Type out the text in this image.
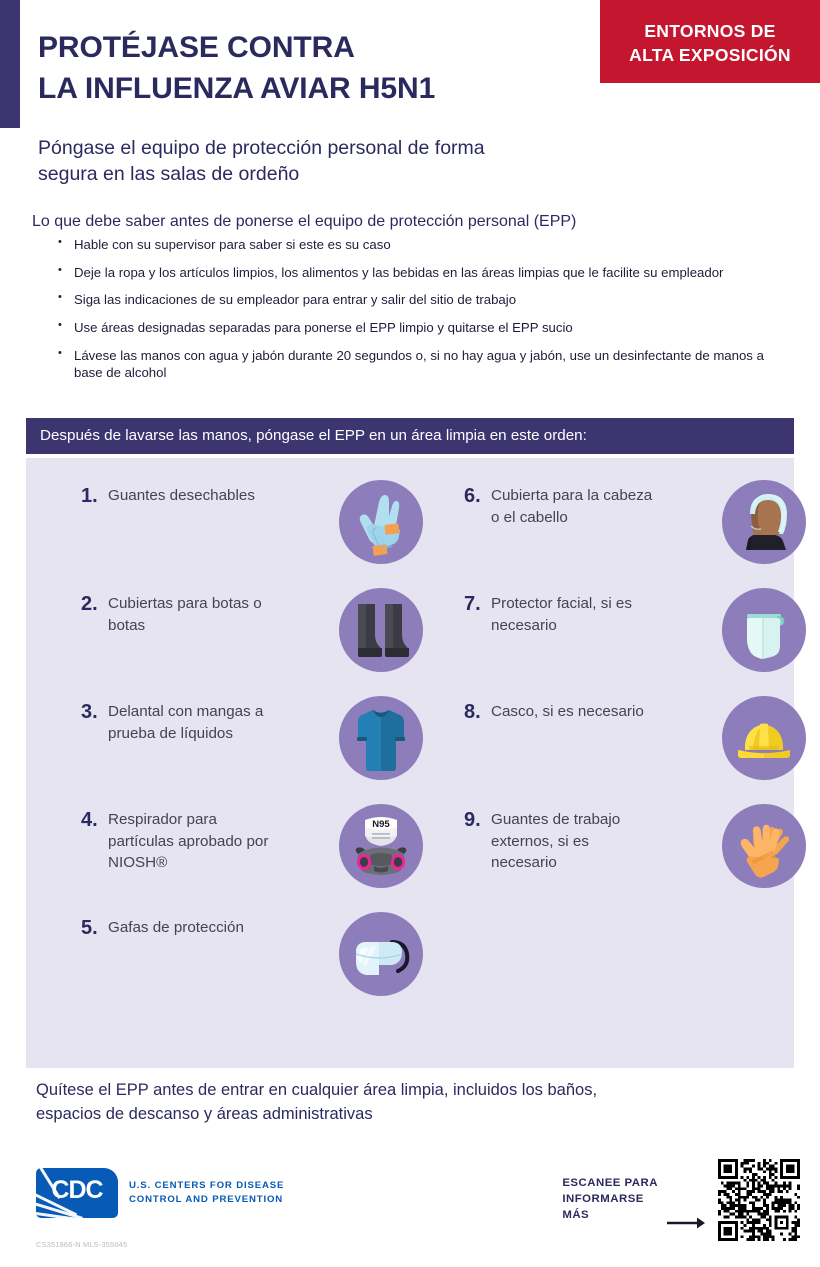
ENTORNOS DE
ALTA EXPOSICIÓN
PROTÉJASE CONTRA
LA INFLUENZA AVIAR H5N1
Póngase el equipo de protección personal de forma
segura en las salas de ordeño
Lo que debe saber antes de ponerse el equipo de protección personal (EPP)
• Hable con su supervisor para saber si este es su caso
• Deje la ropa y los artículos limpios, los alimentos y las bebidas en las áreas limpias que le facilite su empleador
• Siga las indicaciones de su empleador para entrar y salir del sitio de trabajo
• Use áreas designadas separadas para ponerse el EPP limpio y quitarse el EPP sucio
• Lávese las manos con agua y jabón durante 20 segundos o, si no hay agua y jabón, use un desinfectante de manos a base de alcohol
Después de lavarse las manos, póngase el EPP en un área limpia en este orden:
1. Guantes desechables
2. Cubiertas para botas o botas
3. Delantal con mangas a prueba de líquidos
4. Respirador para partículas aprobado por NIOSH®
N95
5. Gafas de protección
6. Cubierta para la cabeza o el cabello
7. Protector facial, si es necesario
8. Casco, si es necesario
9. Guantes de trabajo externos, si es necesario
Quítese el EPP antes de entrar en cualquier área limpia, incluidos los baños,
espacios de descanso y áreas administrativas
CDC	U.S. CENTERS FOR DISEASE
CONTROL AND PREVENTION
CS351866-N MLS-355045
ESCANEE PARA
INFORMARSE
MÁS
